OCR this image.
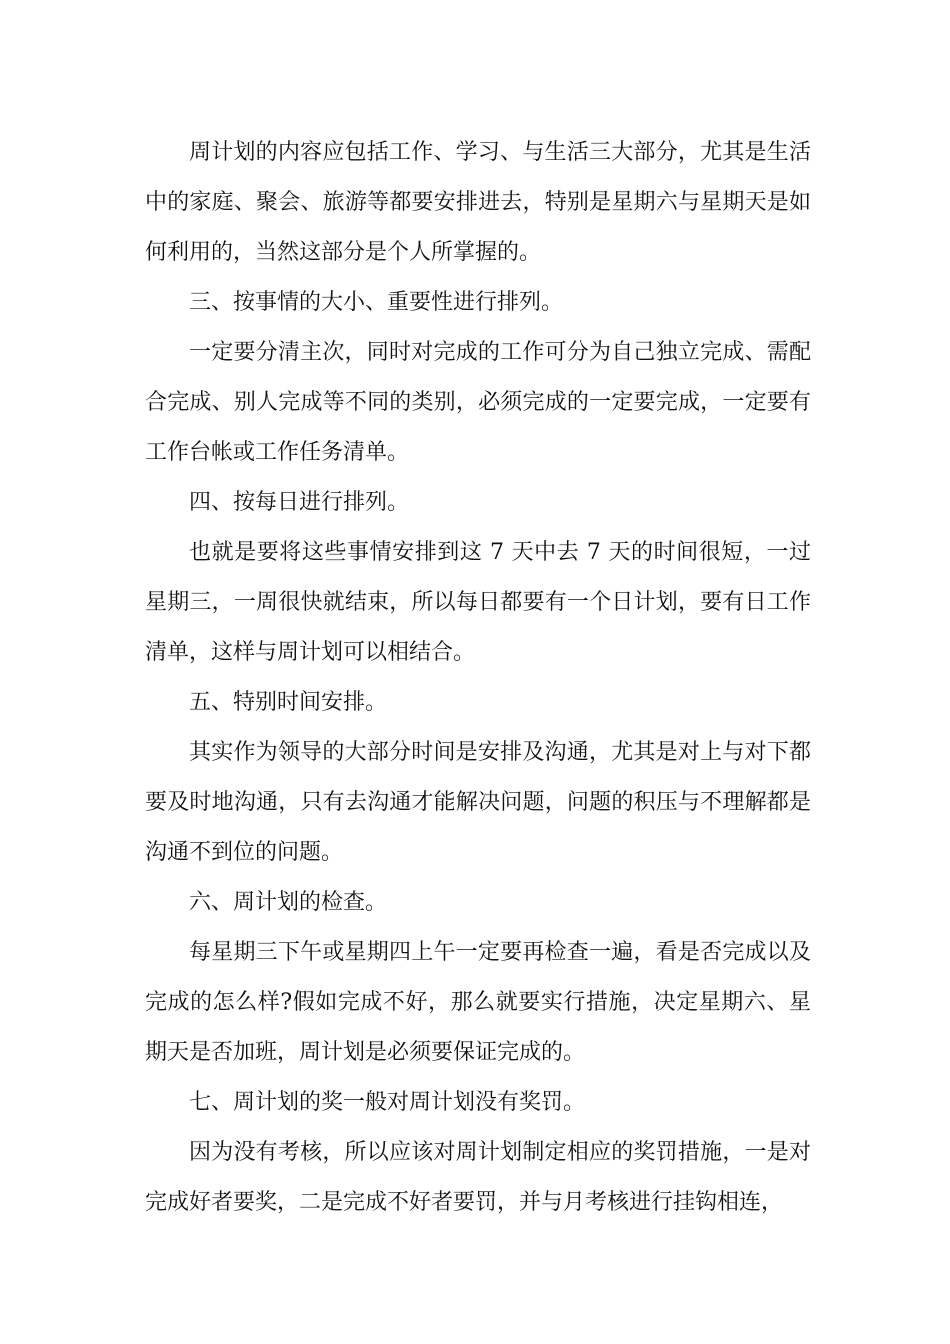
周计划的内容应包括工作、学习、与生活三大部分，尤其是生活中的家庭、聚会、旅游等都要安排进去，特别是星期六与星期天是如何利用的，当然这部分是个人所掌握的。

三、按事情的大小、重要性进行排列。

一定要分清主次，同时对完成的工作可分为自己独立完成、需配合完成、别人完成等不同的类别，必须完成的一定要完成，一定要有工作台帐或工作任务清单。

四、按每日进行排列。

也就是要将这些事情安排到这 7 天中去 7 天的时间很短，一过星期三，一周很快就结束，所以每日都要有一个日计划，要有日工作清单，这样与周计划可以相结合。

五、特别时间安排。

其实作为领导的大部分时间是安排及沟通，尤其是对上与对下都要及时地沟通，只有去沟通才能解决问题，问题的积压与不理解都是沟通不到位的问题。

六、周计划的检查。

每星期三下午或星期四上午一定要再检查一遍，看是否完成以及完成的怎么样?假如完成不好，那么就要实行措施，决定星期六、星期天是否加班，周计划是必须要保证完成的。

七、周计划的奖一般对周计划没有奖罚。

因为没有考核，所以应该对周计划制定相应的奖罚措施，一是对完成好者要奖，二是完成不好者要罚，并与月考核进行挂钩相连，
